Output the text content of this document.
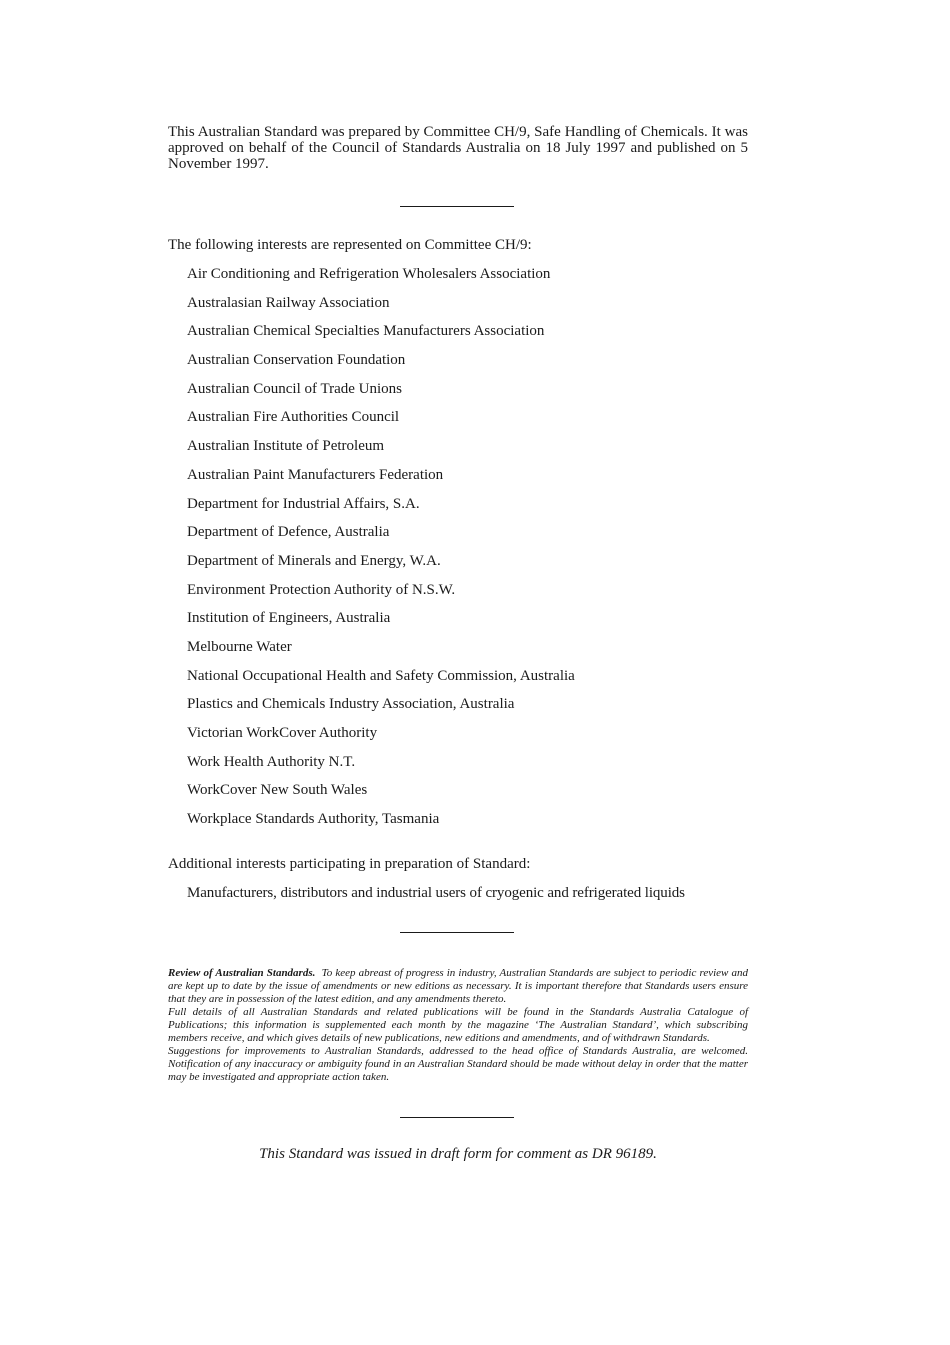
This Australian Standard was prepared by Committee CH/9, Safe Handling of Chemicals. It was approved on behalf of the Council of Standards Australia on 18 July 1997 and published on 5 November 1997.

The following interests are represented on Committee CH/9:
Air Conditioning and Refrigeration Wholesalers Association
Australasian Railway Association
Australian Chemical Specialties Manufacturers Association
Australian Conservation Foundation
Australian Council of Trade Unions
Australian Fire Authorities Council
Australian Institute of Petroleum
Australian Paint Manufacturers Federation
Department for Industrial Affairs, S.A.
Department of Defence, Australia
Department of Minerals and Energy, W.A.
Environment Protection Authority of N.S.W.
Institution of Engineers, Australia
Melbourne Water
National Occupational Health and Safety Commission, Australia
Plastics and Chemicals Industry Association, Australia
Victorian WorkCover Authority
Work Health Authority N.T.
WorkCover New South Wales
Workplace Standards Authority, Tasmania
Additional interests participating in preparation of Standard:
Manufacturers, distributors and industrial users of cryogenic and refrigerated liquids

Review of Australian Standards. To keep abreast of progress in industry, Australian Standards are subject to periodic review and are kept up to date by the issue of amendments or new editions as necessary. It is important therefore that Standards users ensure that they are in possession of the latest edition, and any amendments thereto.

Full details of all Australian Standards and related publications will be found in the Standards Australia Catalogue of Publications; this information is supplemented each month by the magazine ‘The Australian Standard’, which subscribing members receive, and which gives details of new publications, new editions and amendments, and of withdrawn Standards.

Suggestions for improvements to Australian Standards, addressed to the head office of Standards Australia, are welcomed. Notification of any inaccuracy or ambiguity found in an Australian Standard should be made without delay in order that the matter may be investigated and appropriate action taken.

This Standard was issued in draft form for comment as DR 96189.
